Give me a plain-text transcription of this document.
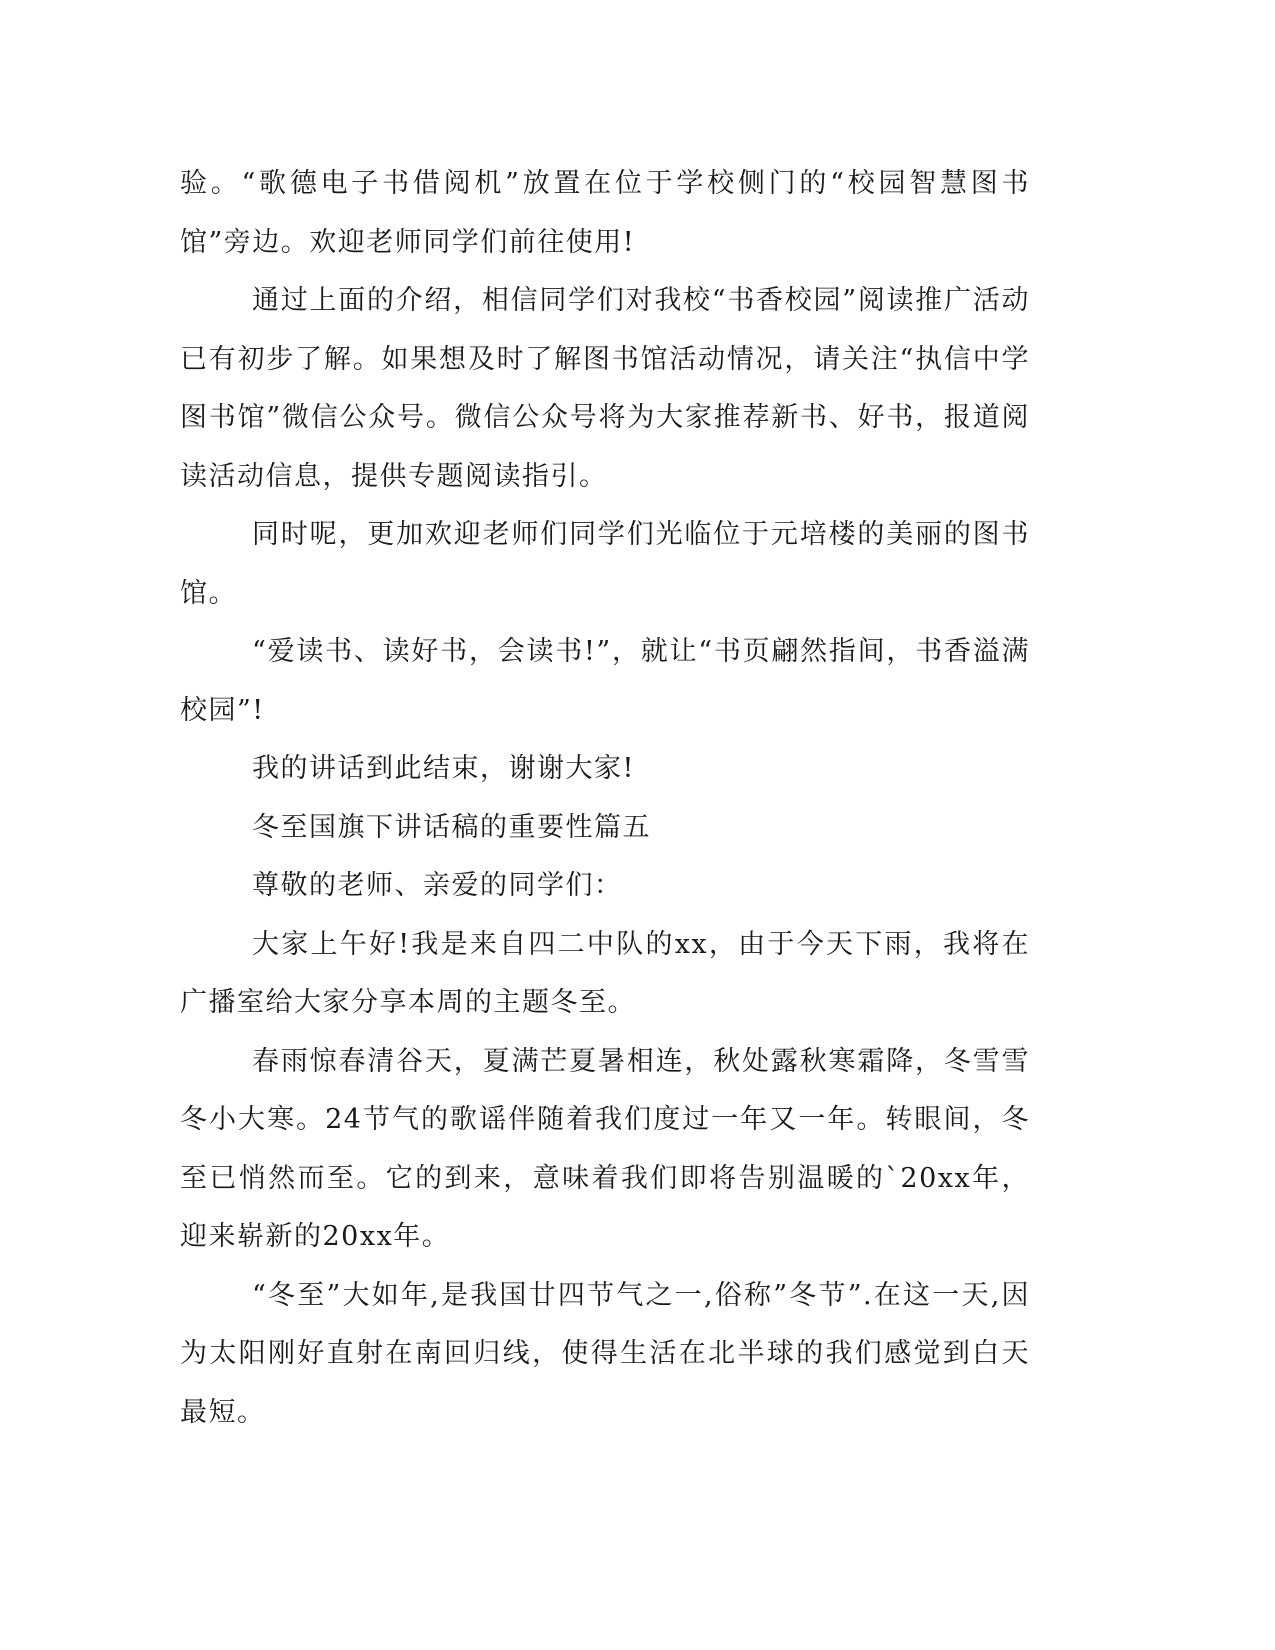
验。“歌德电子书借阅机”放置在位于学校侧门的“校园智慧图书馆”旁边。欢迎老师同学们前往使用!

通过上面的介绍，相信同学们对我校“书香校园”阅读推广活动已有初步了解。如果想及时了解图书馆活动情况，请关注“执信中学图书馆”微信公众号。微信公众号将为大家推荐新书、好书，报道阅读活动信息，提供专题阅读指引。

同时呢，更加欢迎老师们同学们光临位于元培楼的美丽的图书馆。

“爱读书、读好书，会读书!”，就让“书页翩然指间，书香溢满校园”!

我的讲话到此结束，谢谢大家!

冬至国旗下讲话稿的重要性篇五

尊敬的老师、亲爱的同学们：

大家上午好!我是来自四二中队的xx，由于今天下雨，我将在广播室给大家分享本周的主题冬至。

春雨惊春清谷天，夏满芒夏暑相连，秋处露秋寒霜降，冬雪雪冬小大寒。24节气的歌谣伴随着我们度过一年又一年。转眼间，冬至已悄然而至。它的到来，意味着我们即将告别温暖的`20xx年，迎来崭新的20xx年。

“冬至”大如年,是我国廿四节气之一,俗称”冬节”.在这一天,因为太阳刚好直射在南回归线，使得生活在北半球的我们感觉到白天最短。
